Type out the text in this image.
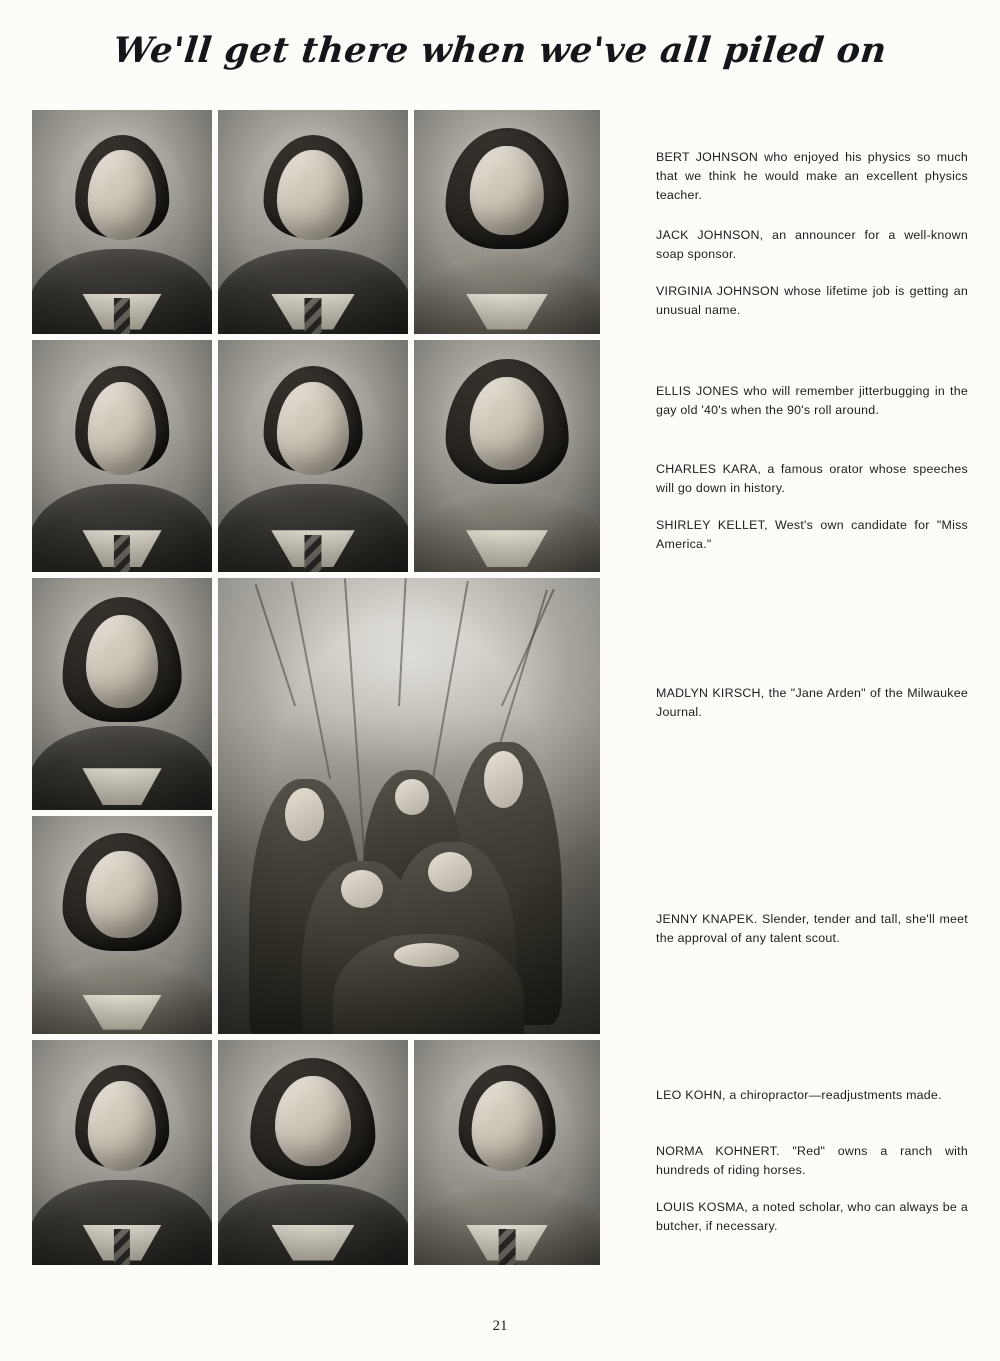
We'll get there when we've all piled on

BERT JOHNSON who enjoyed his physics so much that we think he would make an excellent physics teacher.

JACK JOHNSON, an announcer for a well-known soap sponsor.

VIRGINIA JOHNSON whose lifetime job is getting an unusual name.

ELLIS JONES who will remember jitterbugging in the gay old '40's when the 90's roll around.

CHARLES KARA, a famous orator whose speeches will go down in history.

SHIRLEY KELLET, West's own candidate for "Miss America."

MADLYN KIRSCH, the "Jane Arden" of the Milwaukee Journal.

JENNY KNAPEK. Slender, tender and tall, she'll meet the approval of any talent scout.

LEO KOHN, a chiropractor—readjustments made.

NORMA KOHNERT. "Red" owns a ranch with hundreds of riding horses.

LOUIS KOSMA, a noted scholar, who can always be a butcher, if necessary.

21
